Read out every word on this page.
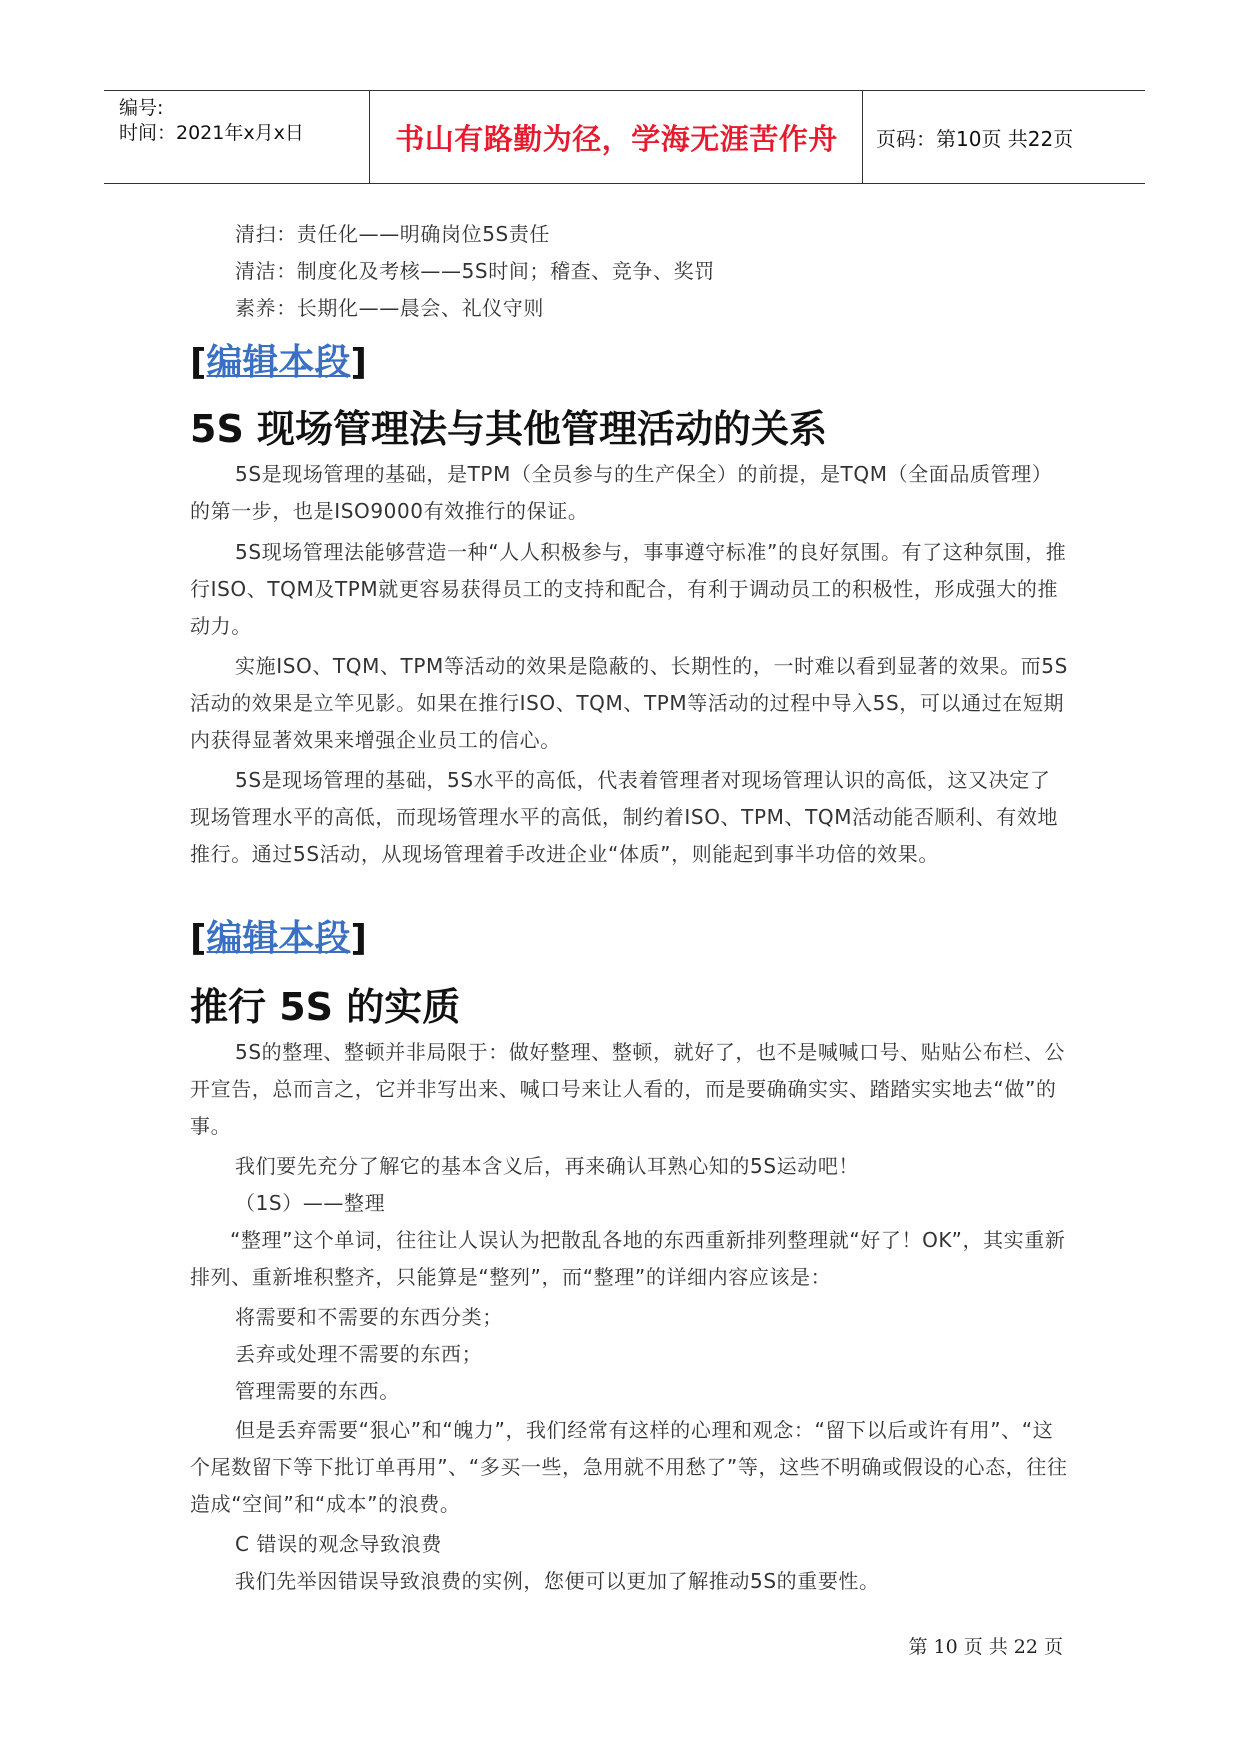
编号:
时间：2021年x月x日	书山有路勤为径，学海无涯苦作舟	页码：第10页 共22页
清扫：责任化——明确岗位5S责任
清洁：制度化及考核——5S时间；稽查、竞争、奖罚
素养：长期化——晨会、礼仪守则
[编辑本段]
5S 现场管理法与其他管理活动的关系
5S是现场管理的基础，是TPM（全员参与的生产保全）的前提，是TQM（全面品质管理）的第一步，也是ISO9000有效推行的保证。
5S现场管理法能够营造一种“人人积极参与，事事遵守标准”的良好氛围。有了这种氛围，推行ISO、TQM及TPM就更容易获得员工的支持和配合，有利于调动员工的积极性，形成强大的推动力。
实施ISO、TQM、TPM等活动的效果是隐蔽的、长期性的，一时难以看到显著的效果。而5S活动的效果是立竿见影。如果在推行ISO、TQM、TPM等活动的过程中导入5S，可以通过在短期内获得显著效果来增强企业员工的信心。
5S是现场管理的基础，5S水平的高低，代表着管理者对现场管理认识的高低，这又决定了现场管理水平的高低，而现场管理水平的高低，制约着ISO、TPM、TQM活动能否顺利、有效地推行。通过5S活动，从现场管理着手改进企业“体质”，则能起到事半功倍的效果。
[编辑本段]
推行 5S 的实质
5S的整理、整顿并非局限于：做好整理、整顿，就好了，也不是喊喊口号、贴贴公布栏、公开宣告，总而言之，它并非写出来、喊口号来让人看的，而是要确确实实、踏踏实实地去“做”的事。
我们要先充分了解它的基本含义后，再来确认耳熟心知的5S运动吧！
（1S）——整理
“整理”这个单词，往往让人误认为把散乱各地的东西重新排列整理就“好了！OK”，其实重新排列、重新堆积整齐，只能算是“整列”，而“整理”的详细内容应该是：
将需要和不需要的东西分类；
丢弃或处理不需要的东西；
管理需要的东西。
但是丢弃需要“狠心”和“魄力”，我们经常有这样的心理和观念：“留下以后或许有用”、“这个尾数留下等下批订单再用”、“多买一些，急用就不用愁了”等，这些不明确或假设的心态，往往造成“空间”和“成本”的浪费。
C 错误的观念导致浪费
我们先举因错误导致浪费的实例，您便可以更加了解推动5S的重要性。
第 10 页 共 22 页
